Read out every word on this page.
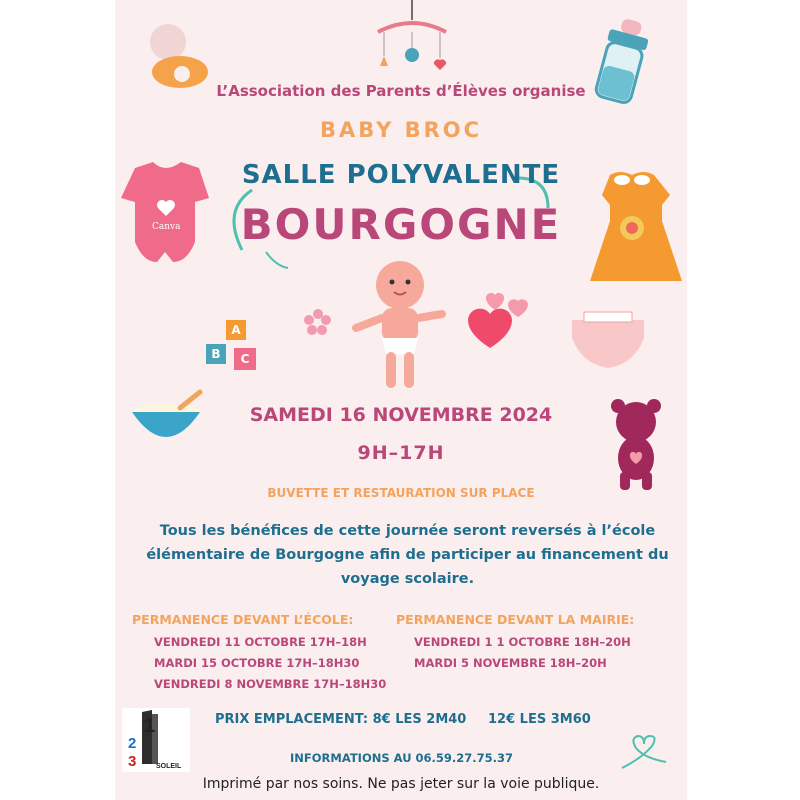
Canva
A
B C
L’Association des Parents d’Élèves organise
BABY BROC
SALLE POLYVALENTE
BOURGOGNE
SAMEDI 16 NOVEMBRE 2024
9H–17H
BUVETTE ET RESTAURATION SUR PLACE
Tous les bénéfices de cette journée seront reversés à l’école élémentaire de Bourgogne afin de participer au financement du voyage scolaire.
PERMANENCE DEVANT L’ÉCOLE:
VENDREDI 11 OCTOBRE 17H–18H
MARDI 15 OCTOBRE 17H–18H30
VENDREDI 8 NOVEMBRE 17H–18H30
PERMANENCE DEVANT LA MAIRIE:
VENDREDI 1 1 OCTOBRE 18H–20H
MARDI 5 NOVEMBRE 18H–20H
2
3
1
SOLEIL
PRIX EMPLACEMENT: 8€ LES 2M40 12€ LES 3M60
INFORMATIONS AU 06.59.27.75.37
Imprimé par nos soins. Ne pas jeter sur la voie publique.
